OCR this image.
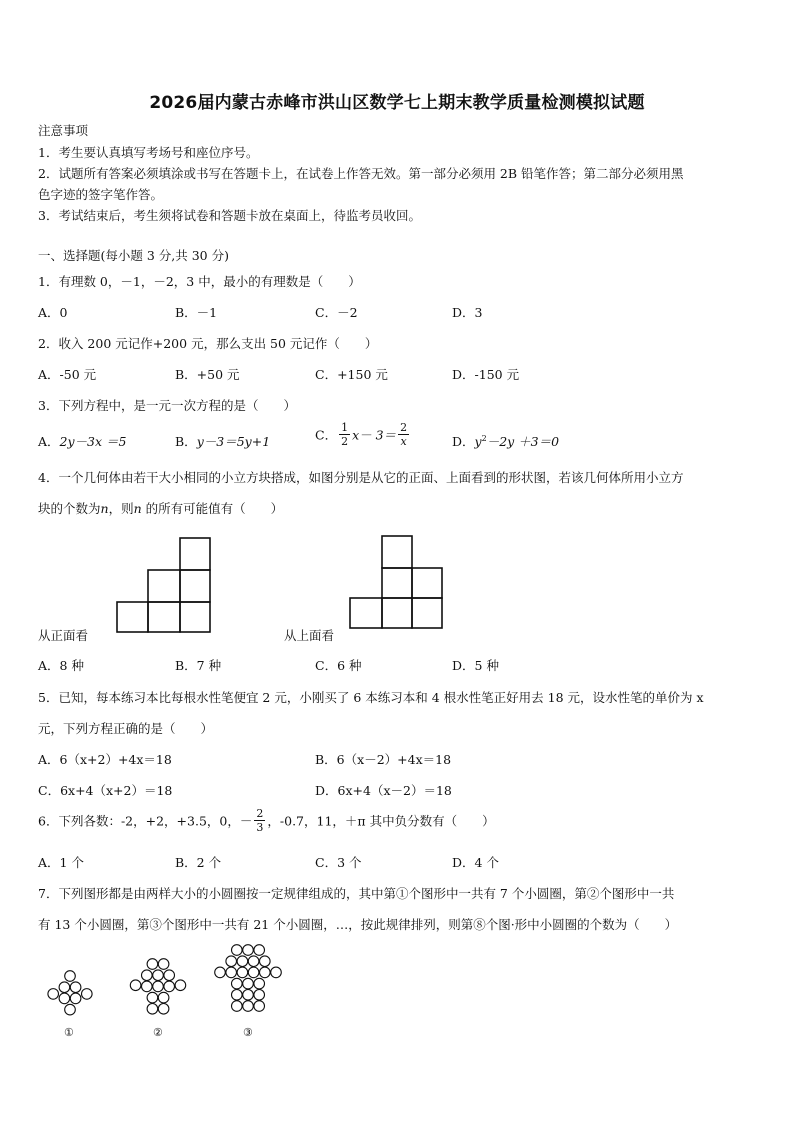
2026届内蒙古赤峰市洪山区数学七上期末教学质量检测模拟试题
注意事项
1．考生要认真填写考场号和座位序号。
2．试题所有答案必须填涂或书写在答题卡上，在试卷上作答无效。第一部分必须用 2B 铅笔作答；第二部分必须用黑
色字迹的签字笔作答。
3．考试结束后，考生须将试卷和答题卡放在桌面上，待监考员收回。
一、选择题(每小题 3 分,共 30 分)
1．有理数 0，－1，－2，3 中，最小的有理数是（　　）
A．0	B．－1	C．－2	D．3
2．收入 200 元记作+200 元，那么支出 50 元记作（　　）
A．-50 元	B．+50 元	C．+150 元	D．-150 元
3．下列方程中，是一元一次方程的是（　　）
A．2y－3x ＝5	B．y－3＝5y+1	C． $\frac{1}{2} x- 3= \frac{2}{x}$	D．$y^2-2y +3=0$
4．一个几何体由若干大小相同的小立方块搭成，如图分别是从它的正面、上面看到的形状图，若该几何体所用小立方
块的个数为n，则n 的所有可能值有（　　）
从正面看	从上面看
A．8 种	B．7 种	C．6 种	D．5 种
5．已知，每本练习本比每根水性笔便宜 2 元，小刚买了 6 本练习本和 4 根水性笔正好用去 18 元，设水性笔的单价为 x
元，下列方程正确的是（　　）
A．6（x+2）+4x＝18	B．6（x－2）+4x＝18
C．6x+4（x+2）＝18	D．6x+4（x－2）＝18
6．下列各数：-2，+2，+3.5，0，－ $\frac{2}{3}$ ，-0.7，11，＋π 其中负分数有（　　）
A．1 个	B．2 个	C．3 个	D．4 个
7．下列图形都是由两样大小的小圆圈按一定规律组成的，其中第①个图形中一共有 7 个小圆圈，第②个图形中一共
有 13 个小圆圈，第③个图形中一共有 21 个小圆圈，…，按此规律排列，则第⑧个图·形中小圆圈的个数为（　　）
①	②	③
